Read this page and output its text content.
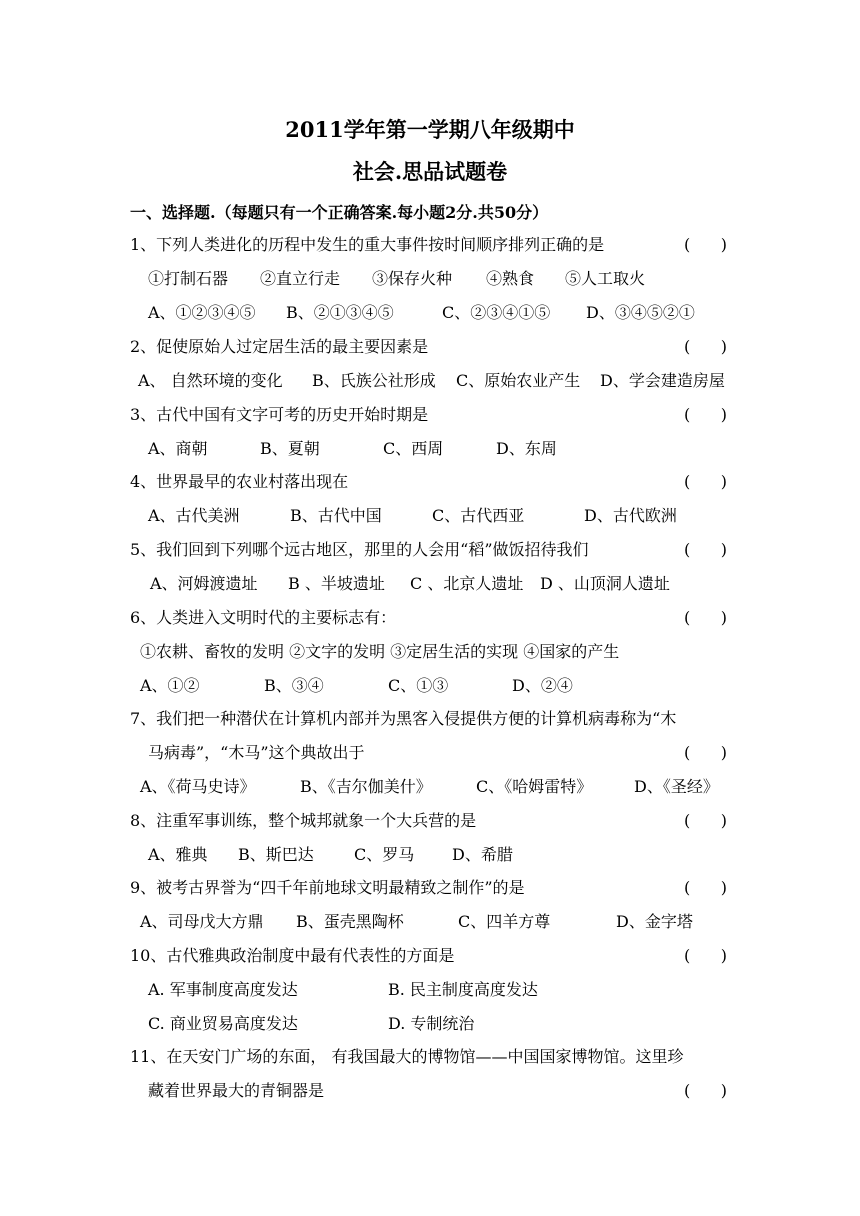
2011学年第一学期八年级期中
社会.思品试题卷
一、选择题.（每题只有一个正确答案.每小题2分.共50分）
1、下列人类进化的历程中发生的重大事件按时间顺序排列正确的是	(      )
①打制石器 ②直立行走 ③保存火种 ④熟食 ⑤人工取火
A、①②③④⑤ B、②①③④⑤	C、②③④①⑤ D、③④⑤②①
2、促使原始人过定居生活的最主要因素是	(      )
A、 自然环境的变化 B、氏族公社形成 C、原始农业产生 D、学会建造房屋
3、古代中国有文字可考的历史开始时期是	(      )
A、商朝	B、夏朝	C、西周	D、东周
4、世界最早的农业村落出现在	(      )
A、古代美洲	B、古代中国	C、古代西亚	D、古代欧洲
5、我们回到下列哪个远古地区，那里的人会用“稻”做饭招待我们	(      )
A、河姆渡遗址 B 、半坡遗址 C 、北京人遗址 D 、山顶洞人遗址
6、人类进入文明时代的主要标志有：	(      )
①农耕、畜牧的发明 ②文字的发明 ③定居生活的实现 ④国家的产生
A、①②	B、③④	C、①③	D、②④
7、我们把一种潜伏在计算机内部并为黑客入侵提供方便的计算机病毒称为“木
马病毒”，“木马”这个典故出于	(      )
A、《荷马史诗》	B、《吉尔伽美什》	C、《哈姆雷特》	D、《圣经》
8、注重军事训练，整个城邦就象一个大兵营的是	(      )
A、雅典 B、斯巴达	C、罗马 D、希腊
9、被考古界誉为“四千年前地球文明最精致之制作”的是	(      )
A、司母戊大方鼎 B、蛋壳黑陶杯	C、四羊方尊	D、金字塔
10、古代雅典政治制度中最有代表性的方面是	(      )
A. 军事制度高度发达	B. 民主制度高度发达
C. 商业贸易高度发达	D. 专制统治
11、在天安门广场的东面， 有我国最大的博物馆——中国国家博物馆。这里珍
藏着世界最大的青铜器是	(      )
